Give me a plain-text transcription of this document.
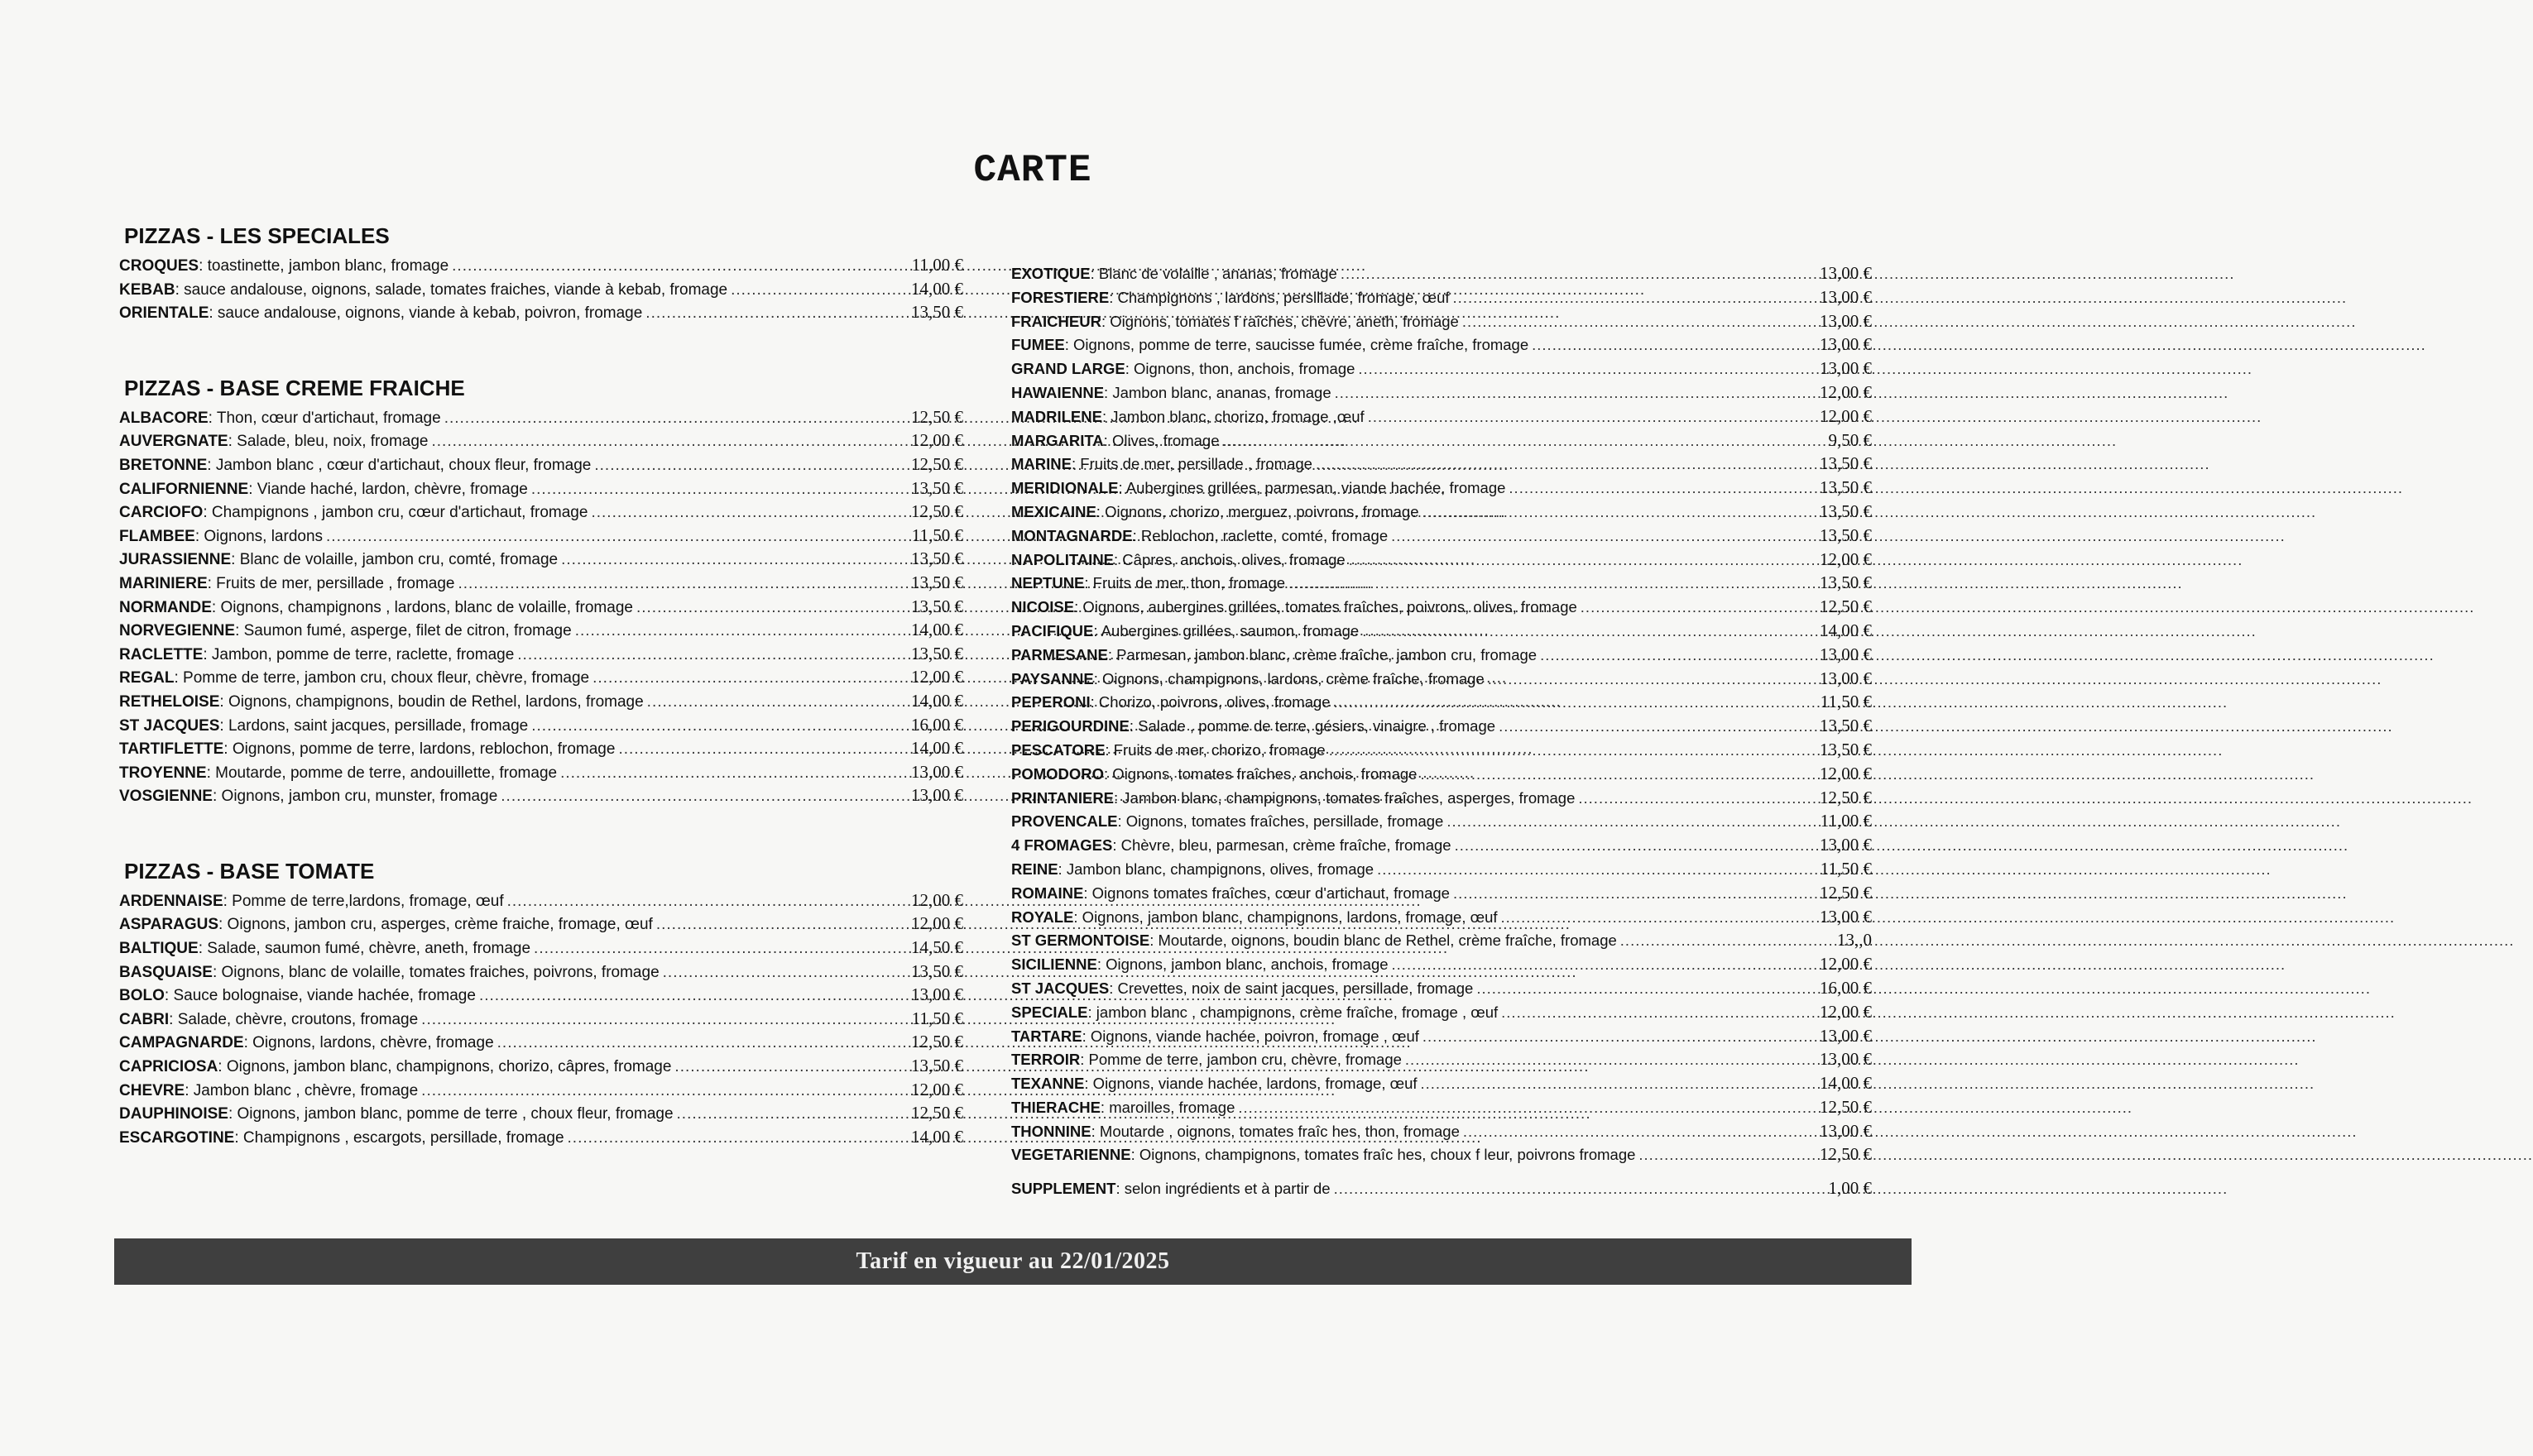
CARTE
PIZZAS - LES SPECIALES
CROQUES : toastinette, jambon blanc, fromage .....	11,00 €
KEBAB : sauce andalouse, oignons, salade, tomates fraiches, viande à kebab, fromage .....	14,00 €
ORIENTALE : sauce andalouse, oignons, viande à kebab, poivron, fromage .....	13,50 €
PIZZAS - BASE CREME FRAICHE
ALBACORE : Thon, cœur d'artichaut, fromage .....	12,50 €
AUVERGNATE : Salade, bleu, noix, fromage .....	12,00 €
BRETONNE : Jambon blanc , cœur d'artichaut, choux fleur, fromage .....	12,50 €
CALIFORNIENNE : Viande haché, lardon, chèvre, fromage .....	13,50 €
CARCIOFO : Champignons , jambon cru, cœur d'artichaut, fromage .....	12,50 €
FLAMBEE : Oignons, lardons .....	11,50 €
JURASSIENNE : Blanc de volaille, jambon cru, comté, fromage .....	13,50 €
MARINIERE : Fruits de mer, persillade , fromage .....	13,50 €
NORMANDE : Oignons, champignons , lardons, blanc de volaille, fromage .....	13,50 €
NORVEGIENNE : Saumon fumé, asperge, filet de citron, fromage .....	14,00 €
RACLETTE : Jambon, pomme de terre, raclette, fromage .....	13,50 €
REGAL : Pomme de terre, jambon cru, choux fleur, chèvre, fromage .....	12,00 €
RETHELOISE : Oignons, champignons, boudin de Rethel, lardons, fromage .....	14,00 €
ST JACQUES : Lardons, saint jacques, persillade, fromage .....	16,00 €
TARTIFLETTE : Oignons, pomme de terre, lardons, reblochon, fromage .....	14,00 €
TROYENNE : Moutarde, pomme de terre, andouillette, fromage .....	13,00 €
VOSGIENNE : Oignons, jambon cru, munster, fromage .....	13,00 €
PIZZAS - BASE TOMATE
ARDENNAISE : Pomme de terre,lardons, fromage, œuf .....	12,00 €
ASPARAGUS : Oignons, jambon cru, asperges, crème fraiche, fromage, œuf .....	12,00 €
BALTIQUE : Salade, saumon fumé, chèvre, aneth, fromage .....	14,50 €
BASQUAISE : Oignons, blanc de volaille, tomates fraiches, poivrons, fromage .....	13,50 €
BOLO : Sauce bolognaise, viande hachée, fromage .....	13,00 €
CABRI : Salade, chèvre, croutons, fromage .....	11,50 €
CAMPAGNARDE : Oignons, lardons, chèvre, fromage .....	12,50 €
CAPRICIOSA : Oignons, jambon blanc, champignons, chorizo, câpres, fromage .....	13,50 €
CHEVRE : Jambon blanc , chèvre, fromage .....	12,00 €
DAUPHINOISE : Oignons, jambon blanc, pomme de terre , choux fleur, fromage .....	12,50 €
ESCARGOTINE : Champignons , escargots, persillade, fromage .....	14,00 €
EXOTIQUE : Blanc de volaille , ananas, fromage .....	13,00 €
FORESTIERE : Champignons , lardons, persillade, fromage, œuf .....	13,00 €
FRAICHEUR : Oignons, tomates f raîches, chèvre, aneth, fromage .....	13,00 €
FUMEE : Oignons, pomme de terre, saucisse fumée, crème fraîche, fromage .....	13,00 €
GRAND LARGE : Oignons, thon, anchois, fromage .....	13,00 €
HAWAIENNE : Jambon blanc, ananas, fromage .....	12,00 €
MADRILENE : Jambon blanc, chorizo, fromage ,œuf .....	12,00 €
MARGARITA : Olives, fromage .....	9,50 €
MARINE : Fruits de mer, persillade , fromage .....	13,50 €
MERIDIONALE : Aubergines grillées, parmesan, viande hachée, fromage .....	13,50 €
MEXICAINE : Oignons, chorizo, merguez, poivrons, fromage .....	13,50 €
MONTAGNARDE : Reblochon, raclette, comté, fromage .....	13,50 €
NAPOLITAINE : Câpres, anchois, olives, fromage .....	12,00 €
NEPTUNE : Fruits de mer, thon, fromage .....	13,50 €
NICOISE : Oignons, aubergines grillées, tomates fraîches, poivrons, olives, fromage .....	12,50 €
PACIFIQUE : Aubergines grillées, saumon, fromage .....	14,00 €
PARMESANE : Parmesan, jambon blanc, crème fraîche, jambon cru, fromage .....	13,00 €
PAYSANNE : Oignons, champignons, lardons, crème fraîche, fromage .....	13,00 €
PEPERONI : Chorizo, poivrons, olives, fromage .....	11,50 €
PERIGOURDINE : Salade , pomme de terre, gésiers, vinaigre , fromage .....	13,50 €
PESCATORE : Fruits de mer, chorizo, fromage .....	13,50 €
POMODORO : Oignons, tomates fraîches, anchois, fromage .....	12,00 €
PRINTANIERE : Jambon blanc, champignons, tomates fraîches, asperges, fromage .....	12,50 €
PROVENCALE : Oignons, tomates fraîches, persillade, fromage .....	11,00 €
4 FROMAGES : Chèvre, bleu, parmesan, crème fraîche, fromage .....	13,00 €
REINE : Jambon blanc, champignons, olives, fromage .....	11,50 €
ROMAINE : Oignons tomates fraîches, cœur d'artichaut, fromage .....	12,50 €
ROYALE : Oignons, jambon blanc, champignons, lardons, fromage, œuf .....	13,00 €
ST GERMONTOISE : Moutarde, oignons, boudin blanc de Rethel, crème fraîche, fromage .....	13,,0
SICILIENNE : Oignons, jambon blanc, anchois, fromage .....	12,00 €
ST JACQUES : Crevettes, noix de saint jacques, persillade, fromage .....	16,00 €
SPECIALE : jambon blanc , champignons, crème fraîche, fromage , œuf .....	12,00 €
TARTARE : Oignons, viande hachée, poivron, fromage , œuf .....	13,00 €
TERROIR : Pomme de terre, jambon cru, chèvre, fromage .....	13,00 €
TEXANNE : Oignons, viande hachée, lardons, fromage, œuf .....	14,00 €
THIERACHE : maroilles, fromage .....	12,50 €
THONNINE : Moutarde , oignons, tomates fraîc hes, thon, fromage .....	13,00 €
VEGETARIENNE : Oignons, champignons, tomates fraîc hes, choux f leur, poivrons fromage .....	12,50 €
SUPPLEMENT : selon ingrédients et à partir de .....	1,00 €
Tarif en vigueur au 22/01/2025
